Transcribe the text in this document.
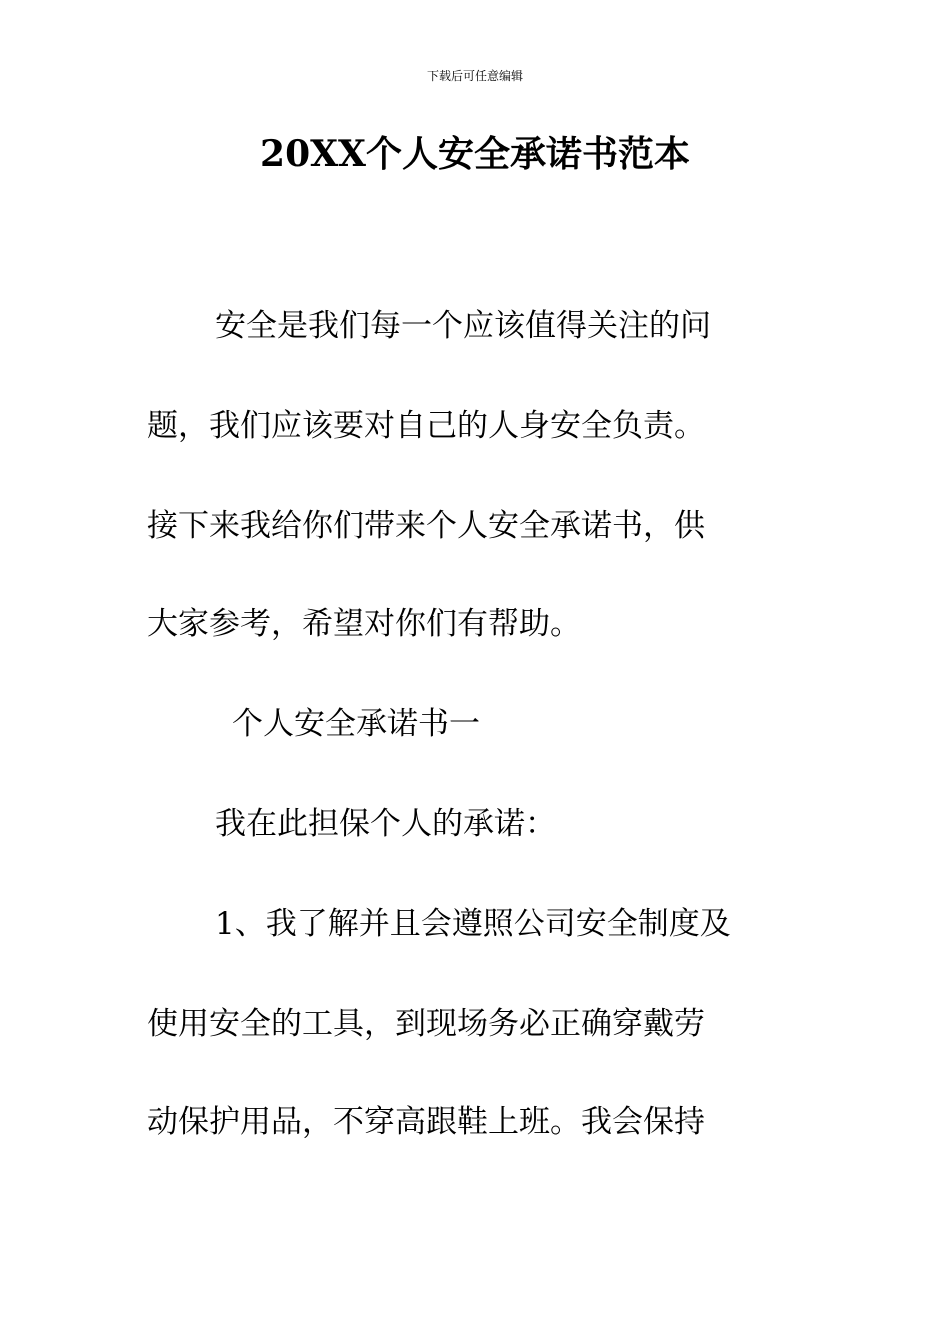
下载后可任意编辑
20XX个人安全承诺书范本
安全是我们每一个应该值得关注的问
题，我们应该要对自己的人身安全负责。
接下来我给你们带来个人安全承诺书，供
大家参考，希望对你们有帮助。
个人安全承诺书一
我在此担保个人的承诺：
1、我了解并且会遵照公司安全制度及
使用安全的工具，到现场务必正确穿戴劳
动保护用品，不穿高跟鞋上班。我会保持
